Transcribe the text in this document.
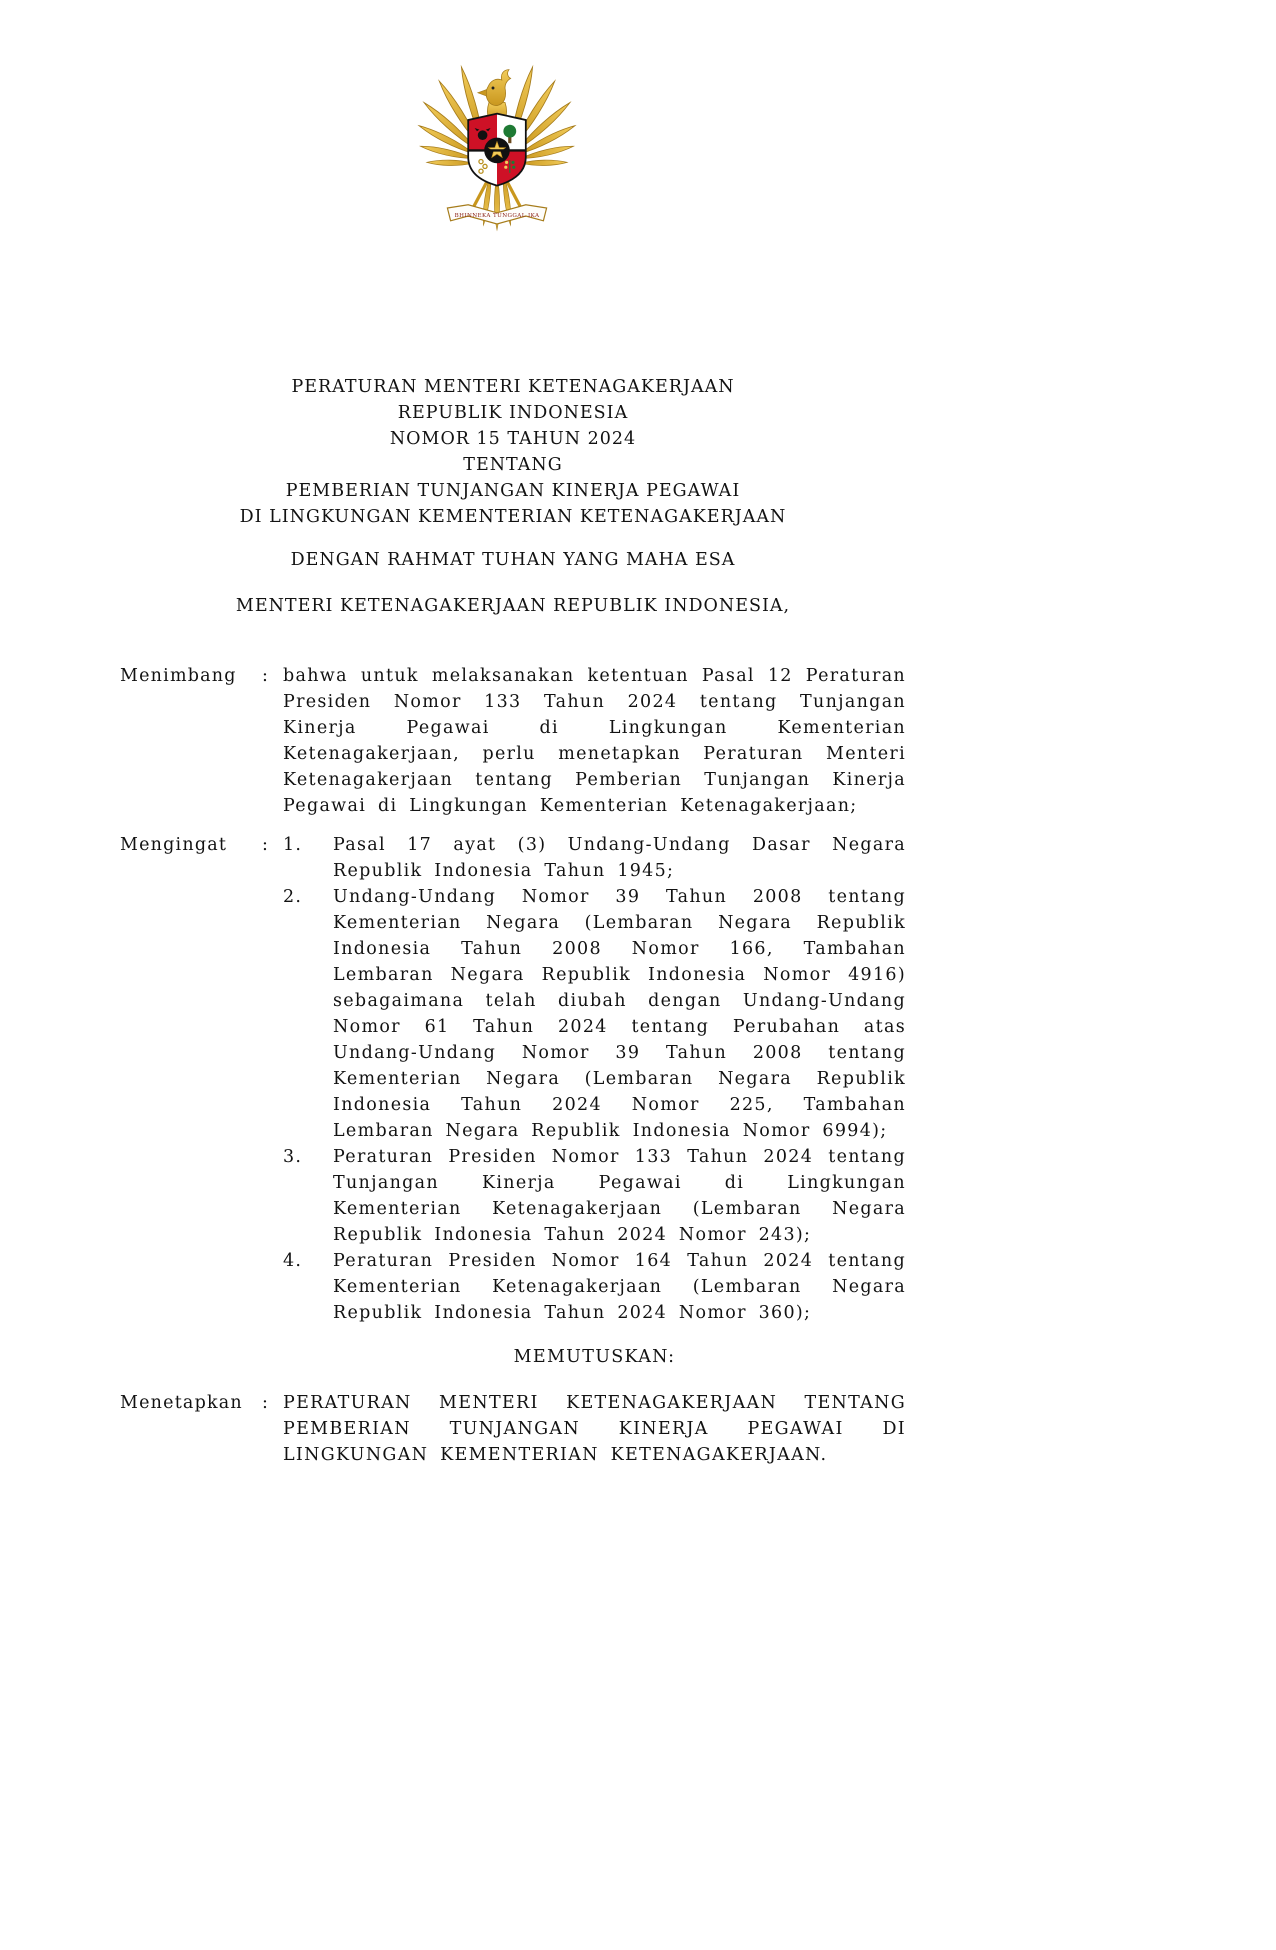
BHINNEKA TUNGGAL IKA
PERATURAN MENTERI KETENAGAKERJAAN
REPUBLIK INDONESIA
NOMOR 15 TAHUN 2024
TENTANG
PEMBERIAN TUNJANGAN KINERJA PEGAWAI
DI LINGKUNGAN KEMENTERIAN KETENAGAKERJAAN
DENGAN RAHMAT TUHAN YANG MAHA ESA
MENTERI KETENAGAKERJAAN REPUBLIK INDONESIA,
Menimbang	: bahwa untuk melaksanakan ketentuan Pasal 12 Peraturan Presiden Nomor 133 Tahun 2024 tentang Tunjangan Kinerja Pegawai di Lingkungan Kementerian Ketenagakerjaan, perlu menetapkan Peraturan Menteri Ketenagakerjaan tentang Pemberian Tunjangan Kinerja Pegawai di Lingkungan Kementerian Ketenagakerjaan;
Mengingat	: 1.	Pasal 17 ayat (3) Undang-Undang Dasar Negara Republik Indonesia Tahun 1945;
2.	Undang-Undang Nomor 39 Tahun 2008 tentang Kementerian Negara (Lembaran Negara Republik Indonesia Tahun 2008 Nomor 166, Tambahan Lembaran Negara Republik Indonesia Nomor 4916) sebagaimana telah diubah dengan Undang-Undang Nomor 61 Tahun 2024 tentang Perubahan atas Undang-Undang Nomor 39 Tahun 2008 tentang Kementerian Negara (Lembaran Negara Republik Indonesia Tahun 2024 Nomor 225, Tambahan Lembaran Negara Republik Indonesia Nomor 6994);
3.	Peraturan Presiden Nomor 133 Tahun 2024 tentang Tunjangan Kinerja Pegawai di Lingkungan Kementerian Ketenagakerjaan (Lembaran Negara Republik Indonesia Tahun 2024 Nomor 243);
4.	Peraturan Presiden Nomor 164 Tahun 2024 tentang Kementerian Ketenagakerjaan (Lembaran Negara Republik Indonesia Tahun 2024 Nomor 360);
MEMUTUSKAN:
Menetapkan	: PERATURAN MENTERI KETENAGAKERJAAN TENTANG PEMBERIAN TUNJANGAN KINERJA PEGAWAI DI LINGKUNGAN KEMENTERIAN KETENAGAKERJAAN.
